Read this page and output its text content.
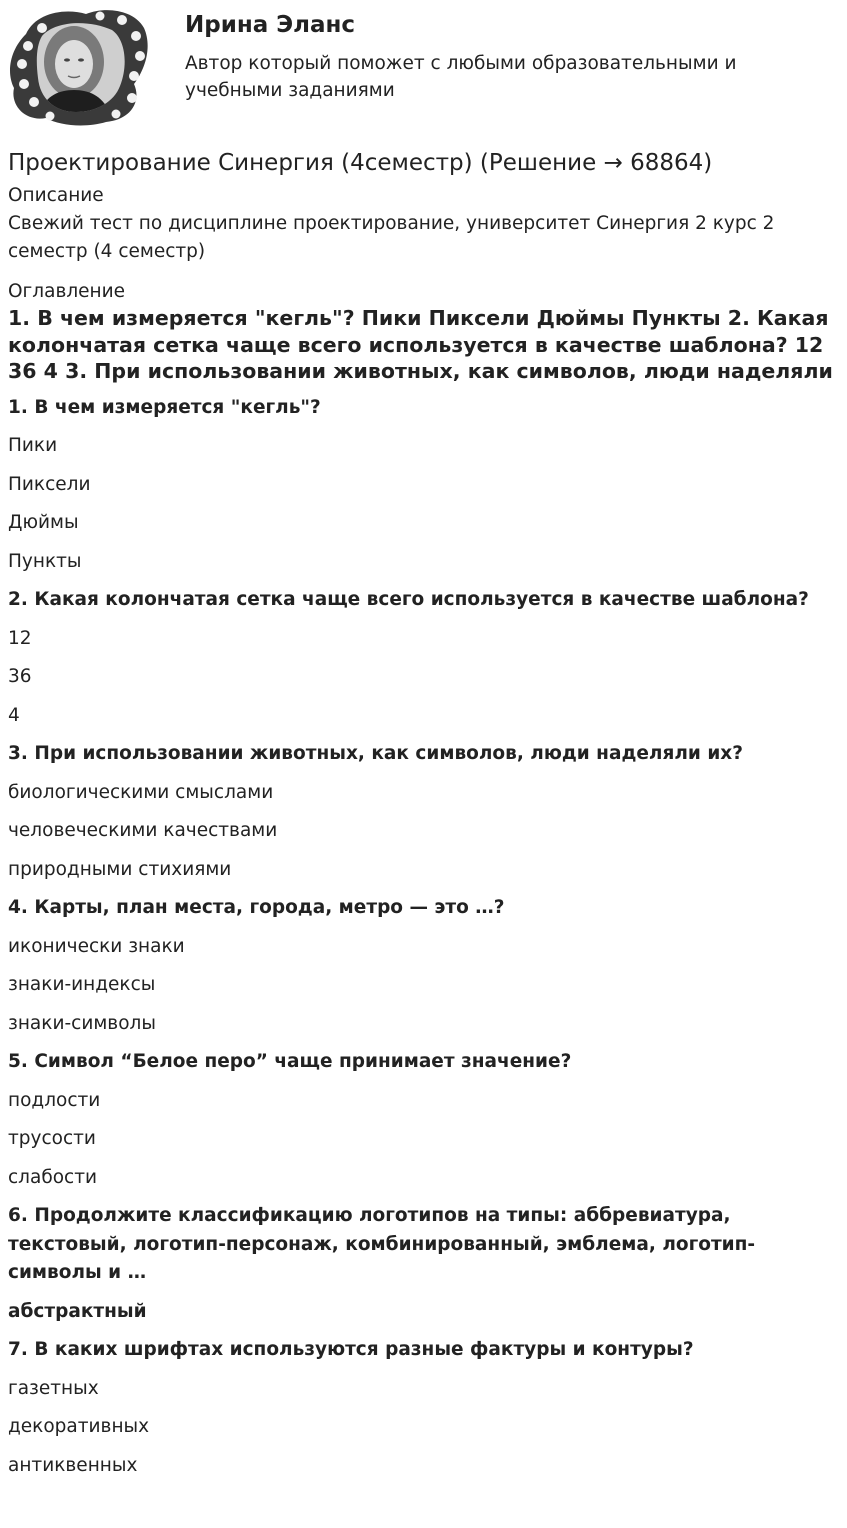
Ирина Эланс

Автор который поможет с любыми образовательными и учебными заданиями

Проектирование Синергия (4семестр) (Решение → 68864)

Описание

Свежий тест по дисциплине проектирование, университет Синергия 2 курс 2 семестр (4 семестр)

Оглавление

1. В чем измеряется "кегль"? Пики Пиксели Дюймы Пункты 2. Какая колончатая сетка чаще всего используется в качестве шаблона? 12 36 4 3. При использовании животных, как символов, люди наделяли

1. В чем измеряется "кегль"?

Пики

Пиксели

Дюймы

Пункты

2. Какая колончатая сетка чаще всего используется в качестве шаблона?

12

36

4

3. При использовании животных, как символов, люди наделяли их?

биологическими смыслами

человеческими качествами

природными стихиями

4. Карты, план места, города, метро — это …?

иконически знаки

знаки-индексы

знаки-символы

5. Символ “Белое перо” чаще принимает значение?

подлости

трусости

слабости

6. Продолжите классификацию логотипов на типы: аббревиатура, текстовый, логотип-персонаж, комбинированный, эмблема, логотип-символы и …

абстрактный

7. В каких шрифтах используются разные фактуры и контуры?

газетных

декоративных

антиквенных
